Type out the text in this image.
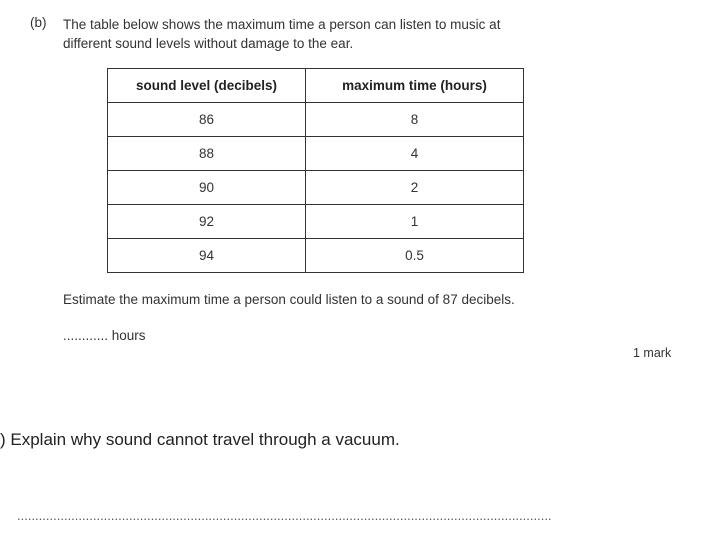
(b) The table below shows the maximum time a person can listen to music at
different sound levels without damage to the ear.
sound level (decibels)	maximum time (hours)
86	8
88	4
90	2
92	1
94	0.5
Estimate the maximum time a person could listen to a sound of 87 decibels.
............ hours
1 mark
) Explain why sound cannot travel through a vacuum.
....................................................................................................................................................
